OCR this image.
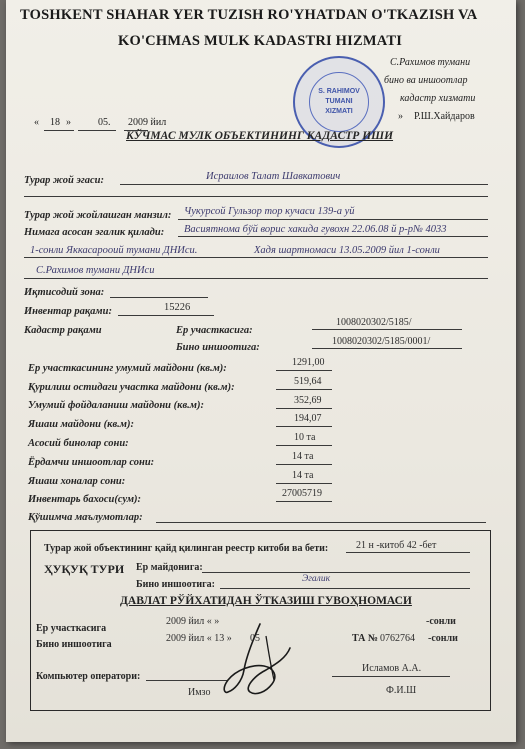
TOSHKENT SHAHAR YER TUZISH RO'YHATDAN O'TKAZISH VA
KO'CHMAS MULK KADASTRI HIZMATI
S. RAHIMOV
TUMANI
XIZMATI
С.Рахимов тумани
бино ва иншоотлар
кадастр хизмати
» Р.Ш.Хайдаров
« 18 »	05. 2009 йил
КЎЧМАС МУЛК ОБЪЕКТИНИНГ КАДАСТР ИШИ
Турар жой эгаси:	Исраилов Талат Шавкатович
Турар жой жойлашган манзил: Чукурсой Гульзор тор кучаси 139-а уй
Нимага асосан эгалик қилади: Васиятнома бўй ворис хакида гувохн 22.06.08 й р-р№ 4033
1-сонли Яккасарооий тумани ДНИси.	Хадя шартномаси 13.05.2009 йил 1-сонли
С.Рахимов тумани ДНИси
Иқтисодий зона:
Инвентар рақами:	15226
Кадастр рақами	Ер участкасига:
1008020302/5185/
Бино иншоотига:
1008020302/5185/0001/
Ер участкасининг умумий майдони (кв.м):
1291,00
Қурилиш остидаги участка майдони (кв.м):
519,64
Умумий фойдаланиш майдони (кв.м):	352,69
Яшаш майдони (кв.м):
194,07
Асосий бинолар сони:
10 та
Ёрдамчи иншоотлар сони:
14 та
Яшаш хоналар сони:
14 та
Инвентарь бахоси(сум):
27005719
Қўшимча маълумотлар:
Турар жой объектининг қайд қилинган реестр китоби ва бети:	21 н -китоб 42 -бет
ҲУҚУҚ ТУРИ Ер майдонига:
Бино иншоотига:	Эгалик
ДАВЛАТ РЎЙХАТИДАН ЎТКАЗИШ ГУВОҲНОМАСИ
Ер участкасига
2009 йил « »	-сонли
Бино иншоотига
2009 йил « 13 » 05	ТА № 0762764 -сонли
Компьютер оператори:
Исламов А.А.
Имзо	Ф.И.Ш
